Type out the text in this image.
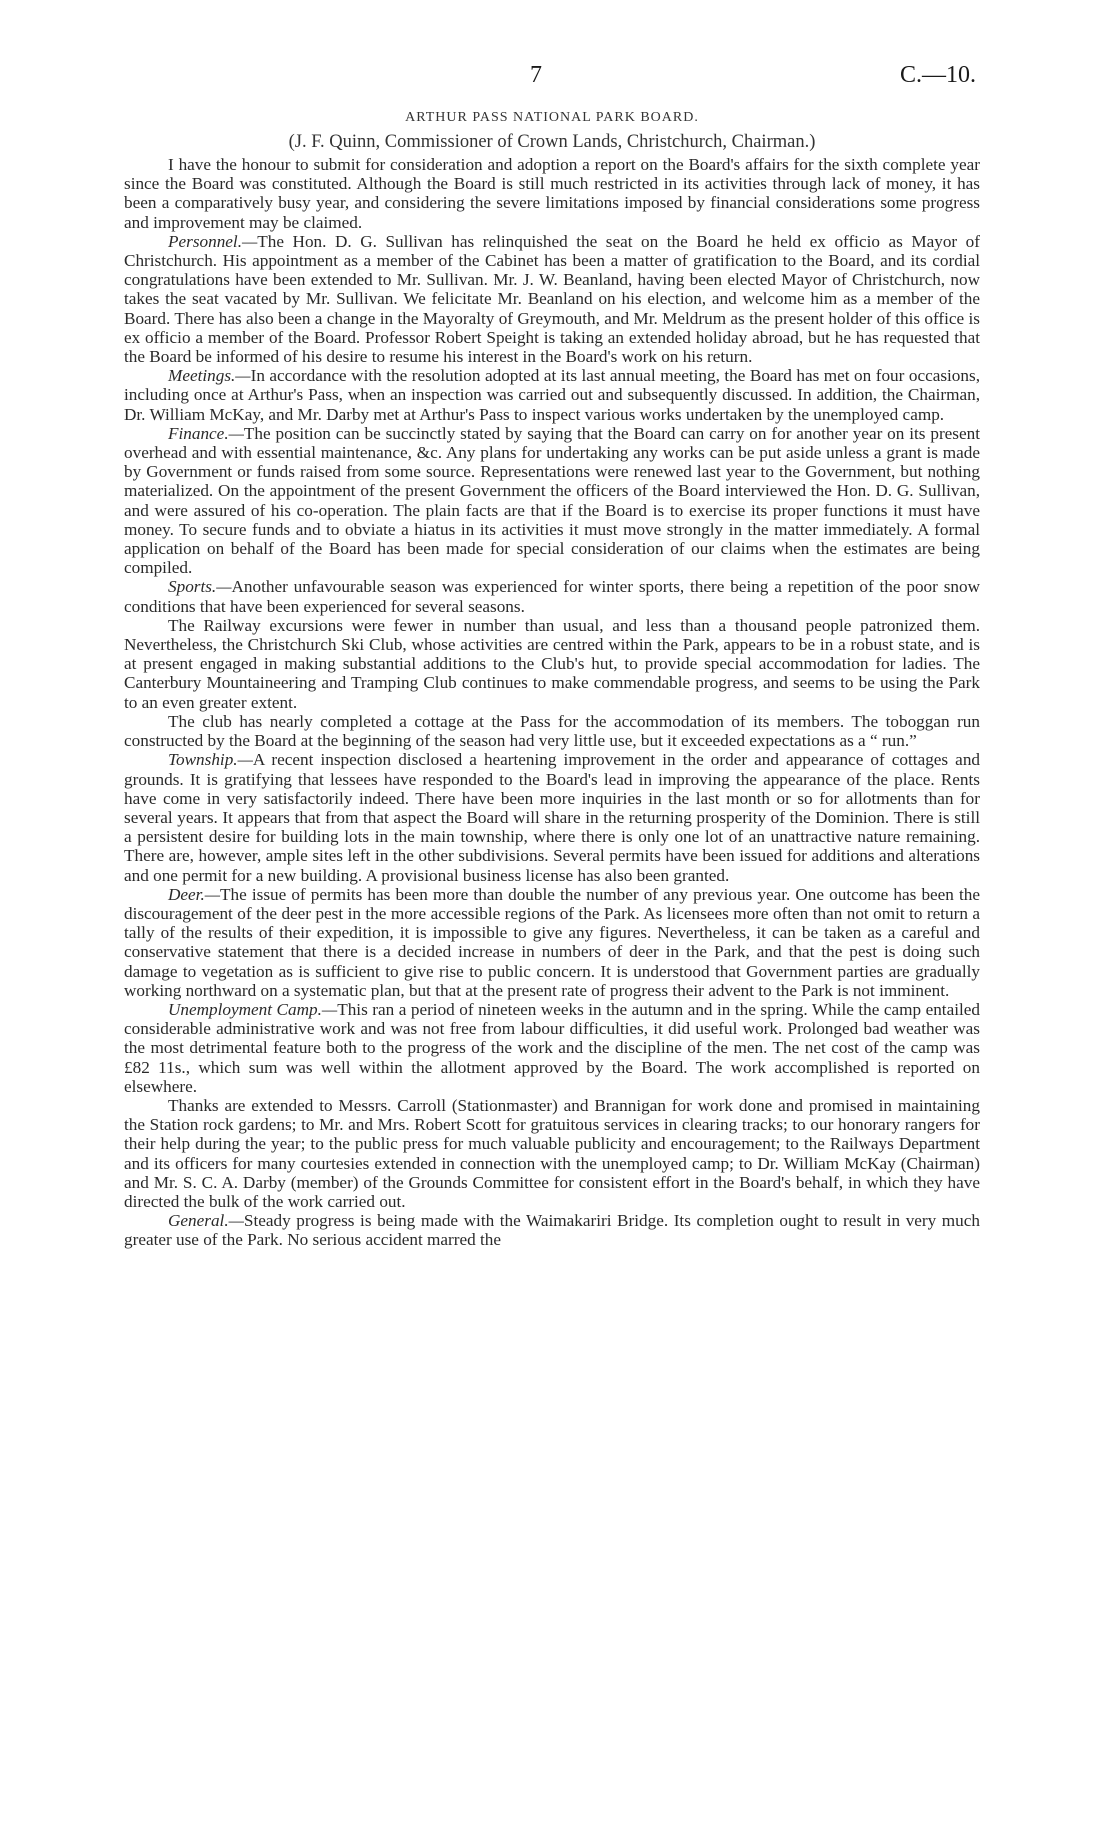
7	C.—10.
ARTHUR PASS NATIONAL PARK BOARD.
(J. F. Quinn, Commissioner of Crown Lands, Christchurch, Chairman.)

I have the honour to submit for consideration and adoption a report on the Board's affairs for the sixth complete year since the Board was constituted. Although the Board is still much restricted in its activities through lack of money, it has been a comparatively busy year, and considering the severe limitations imposed by financial considerations some progress and improvement may be claimed.

Personnel.—The Hon. D. G. Sullivan has relinquished the seat on the Board he held ex officio as Mayor of Christchurch. His appointment as a member of the Cabinet has been a matter of gratification to the Board, and its cordial congratulations have been extended to Mr. Sullivan. Mr. J. W. Beanland, having been elected Mayor of Christchurch, now takes the seat vacated by Mr. Sullivan. We felicitate Mr. Beanland on his election, and welcome him as a member of the Board. There has also been a change in the Mayoralty of Greymouth, and Mr. Meldrum as the present holder of this office is ex officio a member of the Board. Professor Robert Speight is taking an extended holiday abroad, but he has requested that the Board be informed of his desire to resume his interest in the Board's work on his return.

Meetings.—In accordance with the resolution adopted at its last annual meeting, the Board has met on four occasions, including once at Arthur's Pass, when an inspection was carried out and subsequently discussed. In addition, the Chairman, Dr. William McKay, and Mr. Darby met at Arthur's Pass to inspect various works undertaken by the unemployed camp.

Finance.—The position can be succinctly stated by saying that the Board can carry on for another year on its present overhead and with essential maintenance, &c. Any plans for undertaking any works can be put aside unless a grant is made by Government or funds raised from some source. Representations were renewed last year to the Government, but nothing materialized. On the appointment of the present Government the officers of the Board interviewed the Hon. D. G. Sullivan, and were assured of his co-operation. The plain facts are that if the Board is to exercise its proper functions it must have money. To secure funds and to obviate a hiatus in its activities it must move strongly in the matter immediately. A formal application on behalf of the Board has been made for special consideration of our claims when the estimates are being compiled.

Sports.—Another unfavourable season was experienced for winter sports, there being a repetition of the poor snow conditions that have been experienced for several seasons.

The Railway excursions were fewer in number than usual, and less than a thousand people patronized them. Nevertheless, the Christchurch Ski Club, whose activities are centred within the Park, appears to be in a robust state, and is at present engaged in making substantial additions to the Club's hut, to provide special accommodation for ladies. The Canterbury Mountaineering and Tramping Club continues to make commendable progress, and seems to be using the Park to an even greater extent.

The club has nearly completed a cottage at the Pass for the accommodation of its members. The toboggan run constructed by the Board at the beginning of the season had very little use, but it exceeded expectations as a “ run.”

Township.—A recent inspection disclosed a heartening improvement in the order and appearance of cottages and grounds. It is gratifying that lessees have responded to the Board's lead in improving the appearance of the place. Rents have come in very satisfactorily indeed. There have been more inquiries in the last month or so for allotments than for several years. It appears that from that aspect the Board will share in the returning prosperity of the Dominion. There is still a persistent desire for building lots in the main township, where there is only one lot of an unattractive nature remaining. There are, however, ample sites left in the other subdivisions. Several permits have been issued for additions and alterations and one permit for a new building. A provisional business license has also been granted.

Deer.—The issue of permits has been more than double the number of any previous year. One outcome has been the discouragement of the deer pest in the more accessible regions of the Park. As licensees more often than not omit to return a tally of the results of their expedition, it is impossible to give any figures. Nevertheless, it can be taken as a careful and conservative statement that there is a decided increase in numbers of deer in the Park, and that the pest is doing such damage to vegetation as is sufficient to give rise to public concern. It is understood that Government parties are gradually working northward on a systematic plan, but that at the present rate of progress their advent to the Park is not imminent.

Unemployment Camp.—This ran a period of nineteen weeks in the autumn and in the spring. While the camp entailed considerable administrative work and was not free from labour difficulties, it did useful work. Prolonged bad weather was the most detrimental feature both to the progress of the work and the discipline of the men. The net cost of the camp was £82 11s., which sum was well within the allotment approved by the Board. The work accomplished is reported on elsewhere.

Thanks are extended to Messrs. Carroll (Stationmaster) and Brannigan for work done and promised in maintaining the Station rock gardens; to Mr. and Mrs. Robert Scott for gratuitous services in clearing tracks; to our honorary rangers for their help during the year; to the public press for much valuable publicity and encouragement; to the Railways Department and its officers for many courtesies extended in connection with the unemployed camp; to Dr. William McKay (Chairman) and Mr. S. C. A. Darby (member) of the Grounds Committee for consistent effort in the Board's behalf, in which they have directed the bulk of the work carried out.

General.—Steady progress is being made with the Waimakariri Bridge. Its completion ought to result in very much greater use of the Park. No serious accident marred the
